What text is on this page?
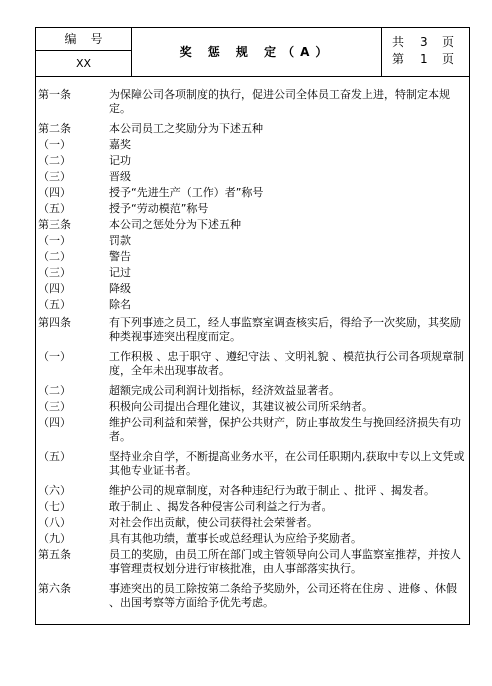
编号
XX
奖 惩 规 定（A）
共 3 页
第 1 页
第一条	为保障公司各项制度的执行，促进公司全体员工奋发上进，特制定本规定。
第二条	本公司员工之奖励分为下述五种
（一）	嘉奖
（二）	记功
（三）	晋级
（四）	授予“先进生产（工作）者”称号
（五）	授予“劳动模范”称号
第三条	本公司之惩处分为下述五种
（一）	罚款
（二）	警告
（三）	记过
（四）	降级
（五）	除名
第四条	有下列事迹之员工，经人事监察室调查核实后，得给予一次奖励，其奖励种类视事迹突出程度而定。
（一）	工作积极 、忠于职守 、遵纪守法 、文明礼貌 、模范执行公司各项规章制度，全年未出现事故者。
（二）	超额完成公司利润计划指标，经济效益显著者。
（三）	积极向公司提出合理化建议，其建议被公司所采纳者。
（四）	维护公司利益和荣誉，保护公共财产，防止事故发生与挽回经济损失有功者。
（五）	坚持业余自学，不断提高业务水平，在公司任职期内,获取中专以上文凭或其他专业证书者。
（六）	维护公司的规章制度，对各种违纪行为敢于制止 、批评 、揭发者。
（七）	敢于制止 、揭发各种侵害公司利益之行为者。
（八）	对社会作出贡献，使公司获得社会荣誉者。
（九）	具有其他功绩，董事长或总经理认为应给予奖励者。
第五条	员工的奖励，由员工所在部门或主管领导向公司人事监察室推荐，并按人事管理责权划分进行审核批准，由人事部落实执行。
第六条	事迹突出的员工除按第二条给予奖励外，公司还将在住房 、进修 、休假 、出国考察等方面给予优先考虑。
